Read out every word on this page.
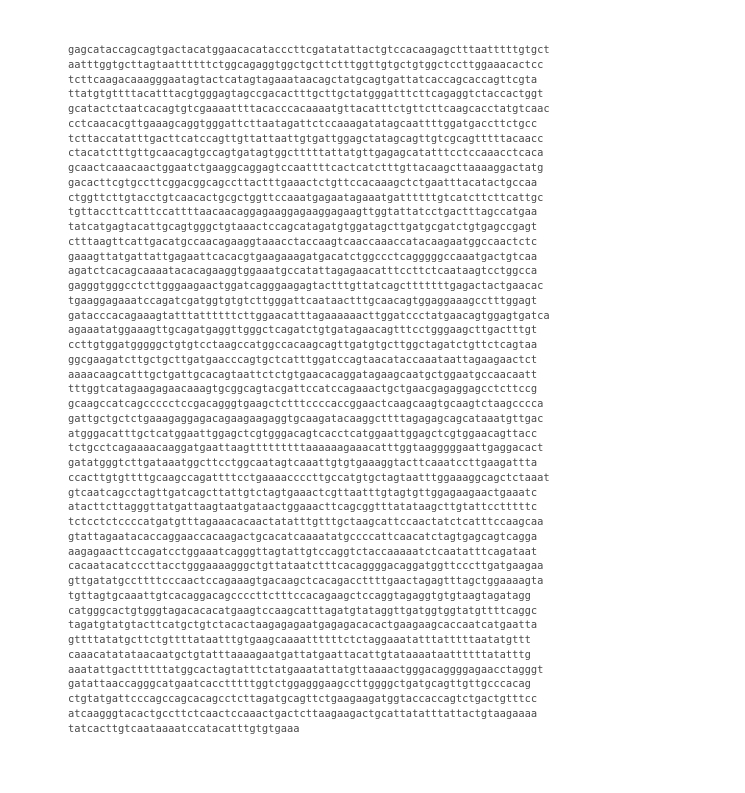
gagcataccagcagtgactacatggaacacatacccttcgatatattactgtccacaagagctttaatttttgtgct
aatttggtgcttagtaattttttctggcagaggtggctgcttctttggttgtgctgtggctccttggaaacactcc
tcttcaagacaaagggaatagtactcatagtagaaataacagctatgcagtgattatcaccagcaccagttcgta
ttatgtgttttacatttacgtgggagtagccgacactttgcttgctatgggatttcttcagaggtctaccactggt
gcatactctaatcacagtgtcgaaaattttacacccacaaaatgttacatttctgttcttcaagcacctatgtcaac
cctcaacacgttgaaagcaggtgggattcttaatagattctccaaagatatagcaattttggatgaccttctgcc
tcttaccatatttgacttcatccagttgttattaattgtgattggagctatagcagttgtcgcagtttttacaacc
ctacatctttgttgcaacagtgccagtgatagtggctttttattatgttgagagcatatttcctccaaacctcaca
gcaactcaaacaactggaatctgaaggcaggagtccaattttcactcatctttgttacaagcttaaaaggactatg
gacacttcgtgccttcggacggcagccttactttgaaactctgttccacaaagctctgaatttacatactgccaa
ctggttcttgtacctgtcaacactgcgctggttccaaatgagaatagaaatgattttttgtcatcttcttcattgc
tgttaccttcatttccattttaacaacaggagaaggagaaggagaagttggtattatcctgactttagccatgaa
tatcatgagtacattgcagtgggctgtaaactccagcatagatgtggatagcttgatgcgatctgtgagccgagt
ctttaagttcattgacatgccaacagaaggtaaacctaccaagtcaaccaaaccatacaagaatggccaactctc
gaaagttatgattattgagaattcacacgtgaagaaagatgacatctggccctcagggggccaaatgactgtcaa
agatctcacagcaaaatacacagaaggtggaaatgccatattagagaacatttccttctcaataagtcctggcca
gagggtgggcctcttgggaagaactggatcagggaagagtactttgttatcagctttttttgagactactgaacac
tgaaggagaaatccagatcgatggtgtgtcttgggattcaataactttgcaacagtggaggaaagcctttggagt
gatacccacagaaagtatttattttttcttggaacatttagaaaaaacttggatccctatgaacagtggagtgatca
agaaatatggaaagttgcagatgaggttgggctcagatctgtgatagaacagtttcctgggaagcttgactttgt
ccttgtggatgggggctgtgtcctaagccatggccacaagcagttgatgtgcttggctagatctgttctcagtaa
ggcgaagatcttgctgcttgatgaacccagtgctcatttggatccagtaacataccaaataattagaagaactct
aaaacaagcatttgctgattgcacagtaattctctgtgaacacaggatagaagcaatgctggaatgccaacaatt
tttggtcatagaagagaacaaagtgcggcagtacgattccatccagaaactgctgaacgagaggagcctcttccg
gcaagccatcagccccctccgacagggtgaagctctttccccaccggaactcaagcaagtgcaagtctaagcccca
gattgctgctctgaaagaggagacagaagaagaggtgcaagatacaaggcttttagagagcagcataaatgttgac
atgggacatttgctcatggaattggagctcgtgggacagtcacctcatggaattggagctcgtggaacagttacc
tctgcctcagaaaacaaggatgaattaagtttttttttaaaaaagaaacatttggtaagggggaattgaggacact
gatatgggtcttgataaatggcttcctggcaatagtcaaattgtgtgaaaggtacttcaaatccttgaagattta
ccacttgtgttttgcaagccagattttcctgaaaaccccttgccatgtgctagtaatttggaaaggcagctctaaat
gtcaatcagcctagttgatcagcttattgtctagtgaaactcgttaatttgtagtgttggagaagaactgaaatc
atacttcttagggttatgattaagtaatgataactggaaacttcagcggtttatataagcttgtattcctttttc
tctcctctccccatgatgtttagaaacacaactatatttgtttgctaagcattccaactatctcatttccaagcaa
gtattagaatacaccaggaaccacaagactgcacatcaaaatatgccccattcaacatctagtgagcagtcagga
aagagaacttccagatcctggaaatcagggttagtattgtccaggtctaccaaaaatctcaatatttcagataat
cacaatacatcccttacctgggaaaagggctgttataatctttcacaggggacaggatggttcccttgatgaagaa
gttgatatgccttttcccaactccagaaagtgacaagctcacagaccttttgaactagagtttagctggaaaagta
tgttagtgcaaattgtcacaggacagccccttctttccacagaagctccaggtagaggtgtgtaagtagatagg
catgggcactgtgggtagacacacatgaagtccaagcatttagatgtataggttgatggtggtatgttttcaggc
tagatgtatgtacttcatgctgtctacactaagagagaatgagagacacactgaagaagcaccaatcatgaatta
gttttatatgcttctgttttataatttgtgaagcaaaattttttctctaggaaatatttatttttaatatgttt
caaacatatataacaatgctgtatttaaaagaatgattatgaattacattgtataaaataattttttatatttg
aaatattgacttttttatggcactagtatttctatgaaatattatgttaaaactgggacaggggagaacctagggt
gatattaaccagggcatgaatcacctttttggtctggagggaagccttggggctgatgcagttgttgcccacag
ctgtatgattcccagccagcacagcctcttagatgcagttctgaagaagatggtaccaccagtctgactgtttcc
atcaagggtacactgccttctcaactccaaactgactcttaagaagactgcattatatttattactgtaagaaaa
tatcacttgtcaataaaatccatacatttgtgtgaaa
